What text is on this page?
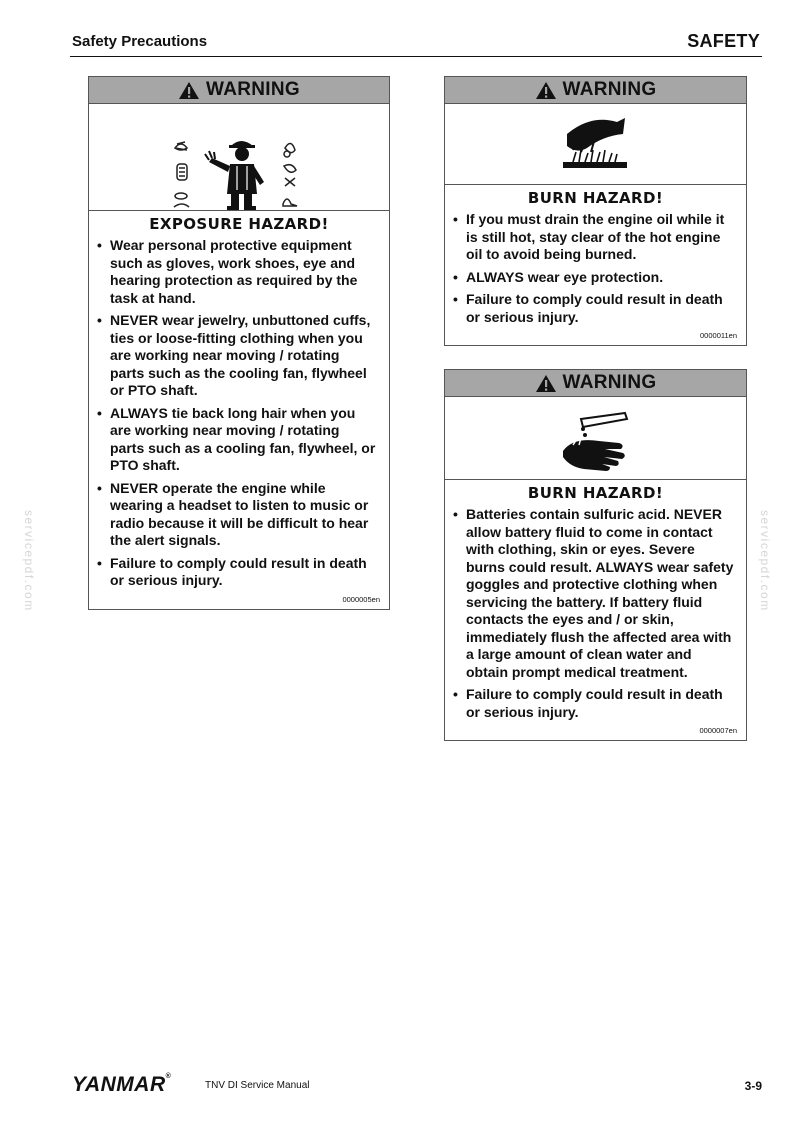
Safety Precautions	SAFETY
servicepdf.com	servicepdf.com
WARNING
EXPOSURE HAZARD!
• Wear personal protective equipment such as gloves, work shoes, eye and hearing protection as required by the task at hand.
• NEVER wear jewelry, unbuttoned cuffs, ties or loose-fitting clothing when you are working near moving / rotating parts such as the cooling fan, flywheel or PTO shaft.
• ALWAYS tie back long hair when you are working near moving / rotating parts such as a cooling fan, flywheel, or PTO shaft.
• NEVER operate the engine while wearing a headset to listen to music or radio because it will be difficult to hear the alert signals.
• Failure to comply could result in death or serious injury.
0000005en
WARNING
BURN HAZARD!
• If you must drain the engine oil while it is still hot, stay clear of the hot engine oil to avoid being burned.
• ALWAYS wear eye protection.
• Failure to comply could result in death or serious injury.
0000011en
WARNING
BURN HAZARD!
• Batteries contain sulfuric acid. NEVER allow battery fluid to come in contact with clothing, skin or eyes. Severe burns could result. ALWAYS wear safety goggles and protective clothing when servicing the battery. If battery fluid contacts the eyes and / or skin, immediately flush the affected area with a large amount of clean water and obtain prompt medical treatment.
• Failure to comply could result in death or serious injury.
0000007en
YANMAR®
TNV DI Service Manual	3-9
